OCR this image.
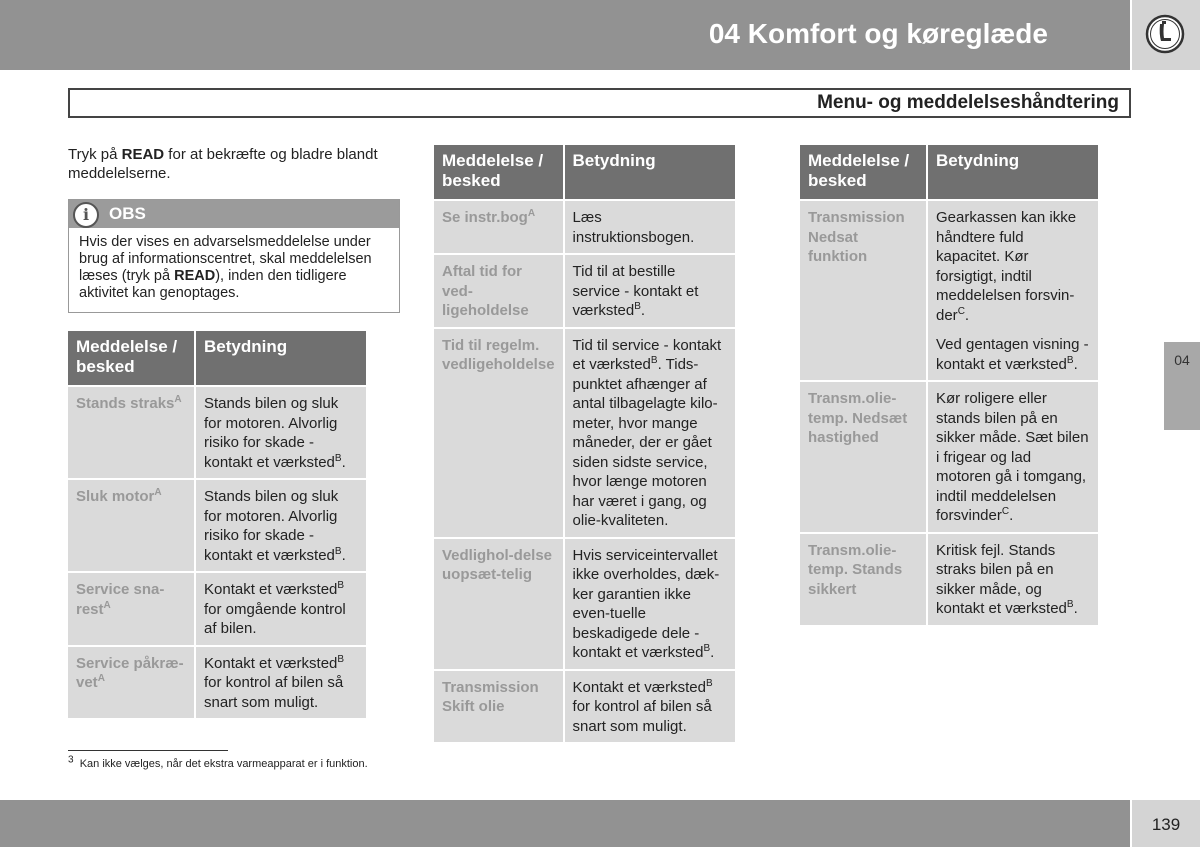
04 Komfort og køreglæde
Menu- og meddelelseshåndtering
04
Tryk på READ for at bekræfte og bladre blandt meddelelserne.
i	OBS
Hvis der vises en advarselsmeddelelse under brug af informationscentret, skal meddelelsen læses (tryk på READ), inden den tidligere aktivitet kan genoptages.
Meddelelse / besked	Betydning
Stands straks$^A$	Stands bilen og sluk for motoren. Alvorlig risiko for skade - kontakt et værksted$^B$.

Sluk motor$^A$	Stands bilen og sluk for motoren. Alvorlig risiko for skade - kontakt et værksted$^B$.

Service sna-rest$^A$	Kontakt et værksted$^B$ for omgående kontrol af bilen.

Service påkræ-vet$^A$	Kontakt et værksted$^B$ for kontrol af bilen så snart som muligt.
Meddelelse / besked	Betydning
Se instr.bog$^A$	Læs instruktionsbogen.

Aftal tid for ved-ligeholdelse	Tid til at bestille service - kontakt et værksted$^B$.

Tid til regelm. vedligeholdelse	Tid til service - kontakt et værksted$^B$. Tids-punktet afhænger af antal tilbagelagte kilo-meter, hvor mange måneder, der er gået siden sidste service, hvor længe motoren har været i gang, og olie-kvaliteten.

Vedlighol-delse uopsæt-telig	Hvis serviceintervallet ikke overholdes, dæk-ker garantien ikke even-tuelle beskadigede dele - kontakt et værksted$^B$.

Transmission Skift olie	Kontakt et værksted$^B$ for kontrol af bilen så snart som muligt.
Meddelelse / besked	Betydning
Transmission Nedsat funktion	Gearkassen kan ikke håndtere fuld kapacitet. Kør forsigtigt, indtil meddelelsen forsvin-der$^C$.
Ved gentagen visning - kontakt et værksted$^B$.

Transm.olie-temp. Nedsæt hastighed	Kør roligere eller stands bilen på en sikker måde. Sæt bilen i frigear og lad motoren gå i tomgang, indtil meddelelsen forsvinder$^C$.

Transm.olie-temp. Stands sikkert	Kritisk fejl. Stands straks bilen på en sikker måde, og kontakt et værksted$^B$.
$^3$ Kan ikke vælges, når det ekstra varmeapparat er i funktion.
139
